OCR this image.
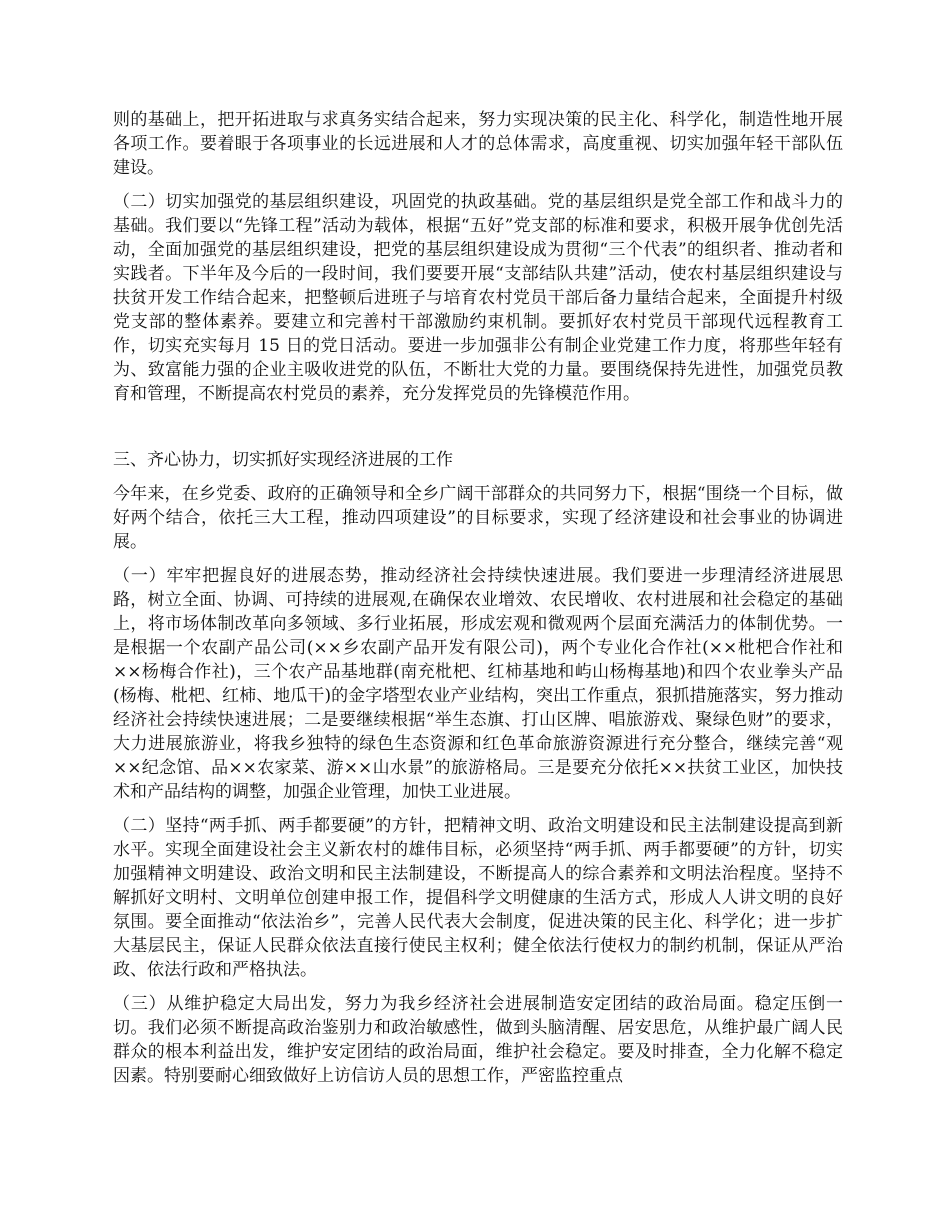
则的基础上，把开拓进取与求真务实结合起来，努力实现决策的民主化、科学化，制造性地开展各项工作。要着眼于各项事业的长远进展和人才的总体需求，高度重视、切实加强年轻干部队伍建设。

（二）切实加强党的基层组织建设，巩固党的执政基础。党的基层组织是党全部工作和战斗力的基础。我们要以“先锋工程”活动为载体，根据“五好”党支部的标准和要求，积极开展争优创先活动，全面加强党的基层组织建设，把党的基层组织建设成为贯彻“三个代表”的组织者、推动者和实践者。下半年及今后的一段时间，我们要要开展“支部结队共建”活动，使农村基层组织建设与扶贫开发工作结合起来，把整顿后进班子与培育农村党员干部后备力量结合起来，全面提升村级党支部的整体素养。要建立和完善村干部激励约束机制。要抓好农村党员干部现代远程教育工作，切实充实每月 15 日的党日活动。要进一步加强非公有制企业党建工作力度，将那些年轻有为、致富能力强的企业主吸收进党的队伍，不断壮大党的力量。要围绕保持先进性，加强党员教育和管理，不断提高农村党员的素养，充分发挥党员的先锋模范作用。

三、齐心协力，切实抓好实现经济进展的工作

今年来，在乡党委、政府的正确领导和全乡广阔干部群众的共同努力下，根据“围绕一个目标，做好两个结合，依托三大工程，推动四项建设”的目标要求，实现了经济建设和社会事业的协调进展。

（一）牢牢把握良好的进展态势，推动经济社会持续快速进展。我们要进一步理清经济进展思路，树立全面、协调、可持续的进展观,在确保农业增效、农民增收、农村进展和社会稳定的基础上，将市场体制改革向多领域、多行业拓展，形成宏观和微观两个层面充满活力的体制优势。一是根据一个农副产品公司(××乡农副产品开发有限公司)，两个专业化合作社(××枇杷合作社和××杨梅合作社)，三个农产品基地群(南充枇杷、红柿基地和屿山杨梅基地)和四个农业拳头产品(杨梅、枇杷、红柿、地瓜干)的金字塔型农业产业结构，突出工作重点，狠抓措施落实，努力推动经济社会持续快速进展；二是要继续根据“举生态旗、打山区牌、唱旅游戏、聚绿色财”的要求，大力进展旅游业，将我乡独特的绿色生态资源和红色革命旅游资源进行充分整合，继续完善“观××纪念馆、品××农家菜、游××山水景”的旅游格局。三是要充分依托××扶贫工业区，加快技术和产品结构的调整，加强企业管理，加快工业进展。

（二）坚持“两手抓、两手都要硬”的方针，把精神文明、政治文明建设和民主法制建设提高到新水平。实现全面建设社会主义新农村的雄伟目标，必须坚持“两手抓、两手都要硬”的方针，切实加强精神文明建设、政治文明和民主法制建设，不断提高人的综合素养和文明法治程度。坚持不解抓好文明村、文明单位创建申报工作，提倡科学文明健康的生活方式，形成人人讲文明的良好氛围。要全面推动“依法治乡”，完善人民代表大会制度，促进决策的民主化、科学化；进一步扩大基层民主，保证人民群众依法直接行使民主权利；健全依法行使权力的制约机制，保证从严治政、依法行政和严格执法。

（三）从维护稳定大局出发，努力为我乡经济社会进展制造安定团结的政治局面。稳定压倒一切。我们必须不断提高政治鉴别力和政治敏感性，做到头脑清醒、居安思危，从维护最广阔人民群众的根本利益出发，维护安定团结的政治局面，维护社会稳定。要及时排查，全力化解不稳定因素。特别要耐心细致做好上访信访人员的思想工作，严密监控重点
